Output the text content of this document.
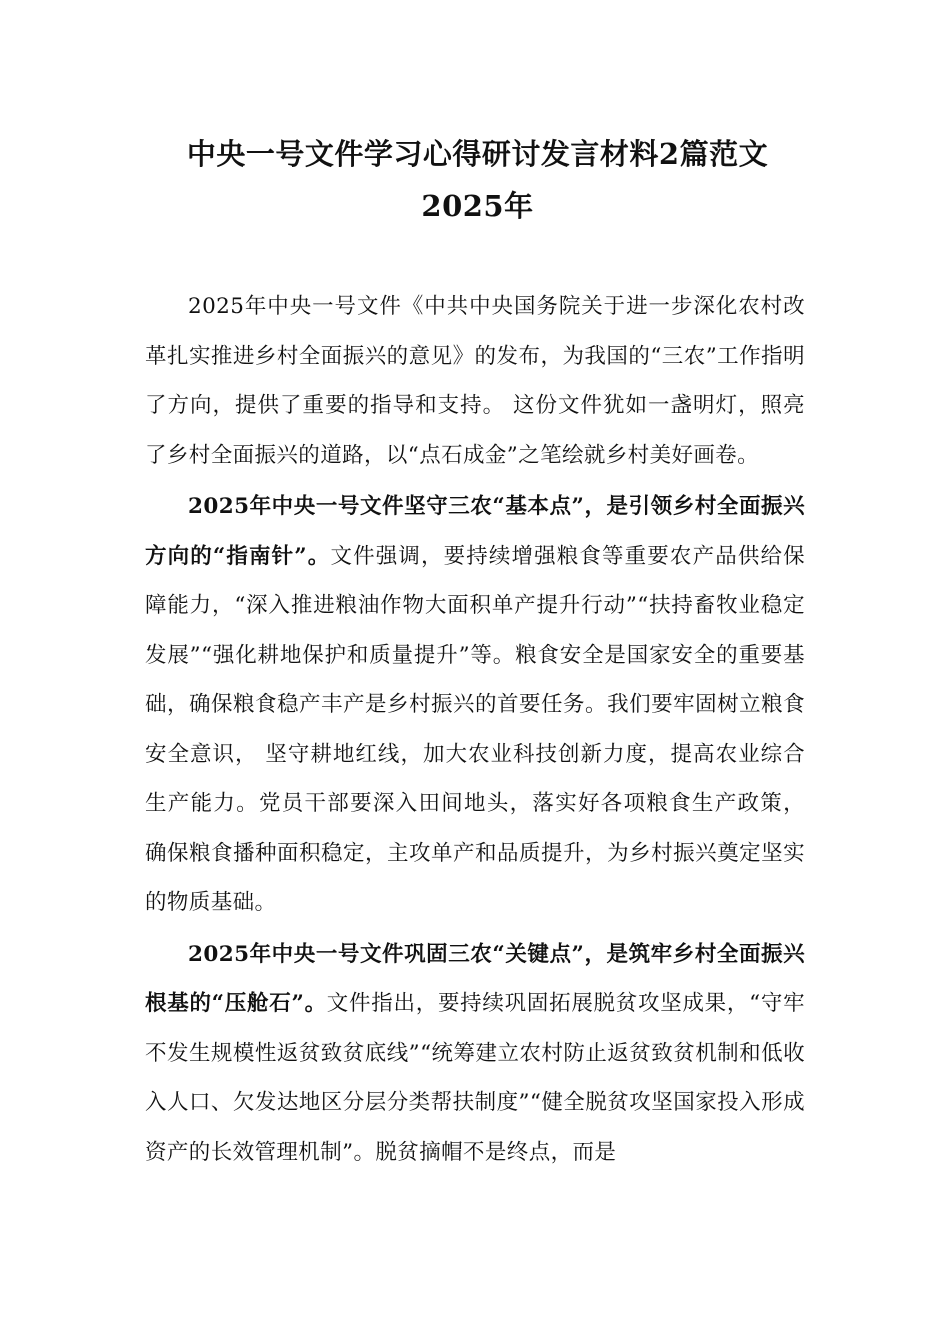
中央一号文件学习心得研讨发言材料2篇范文2025年

2025年中央一号文件《中共中央国务院关于进一步深化农村改革扎实推进乡村全面振兴的意见》的发布，为我国的“三农”工作指明了方向，提供了重要的指导和支持。 这份文件犹如一盏明灯，照亮了乡村全面振兴的道路，以“点石成金”之笔绘就乡村美好画卷。

2025年中央一号文件坚守三农“基本点”，是引领乡村全面振兴方向的“指南针”。文件强调，要持续增强粮食等重要农产品供给保障能力，“深入推进粮油作物大面积单产提升行动”“扶持畜牧业稳定发展”“强化耕地保护和质量提升”等。粮食安全是国家安全的重要基础，确保粮食稳产丰产是乡村振兴的首要任务。我们要牢固树立粮食安全意识， 坚守耕地红线，加大农业科技创新力度，提高农业综合生产能力。党员干部要深入田间地头，落实好各项粮食生产政策， 确保粮食播种面积稳定，主攻单产和品质提升，为乡村振兴奠定坚实的物质基础。

2025年中央一号文件巩固三农“关键点”，是筑牢乡村全面振兴根基的“压舱石”。文件指出，要持续巩固拓展脱贫攻坚成果，“守牢不发生规模性返贫致贫底线”“统筹建立农村防止返贫致贫机制和低收入人口、欠发达地区分层分类帮扶制度”“健全脱贫攻坚国家投入形成资产的长效管理机制”。脱贫摘帽不是终点，而是
